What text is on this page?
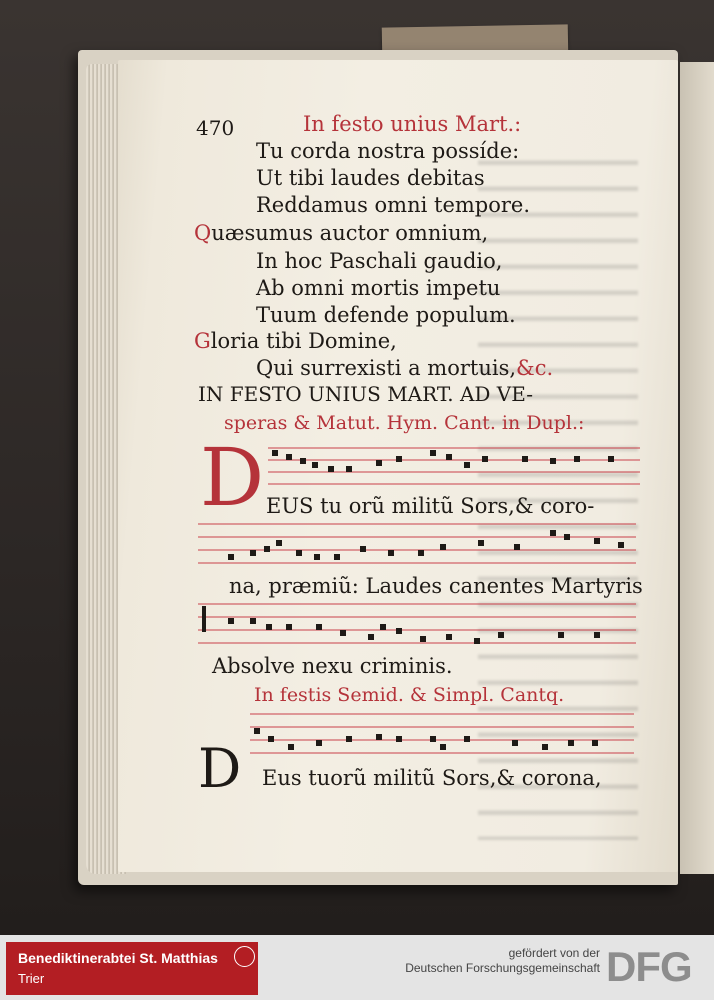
470	In festo unius Mart.:
Tu corda nostra possíde:
Ut tibi laudes debitas
Reddamus omni tempore.
Quæsumus auctor omnium,
In hoc Paschali gaudio,
Ab omni mortis impetu
Tuum defende populum.
Gloria tibi Domine,
Qui surrexisti a mortuis,&c.
IN FESTO UNIUS MART. AD VE-
speras & Matut. Hym. Cant. in Dupl.:
D EUS tu orũ militũ Sors,& coro-
na, præmiũ: Laudes canentes Martyris
Absolve nexu criminis.
In festis Semid. & Simpl. Cantq.
D Eus tuorũ militũ Sors,& corona,
Benediktinerabtei St. Matthias
Trier
gefördert von der
Deutschen Forschungsgemeinschaft DFG
